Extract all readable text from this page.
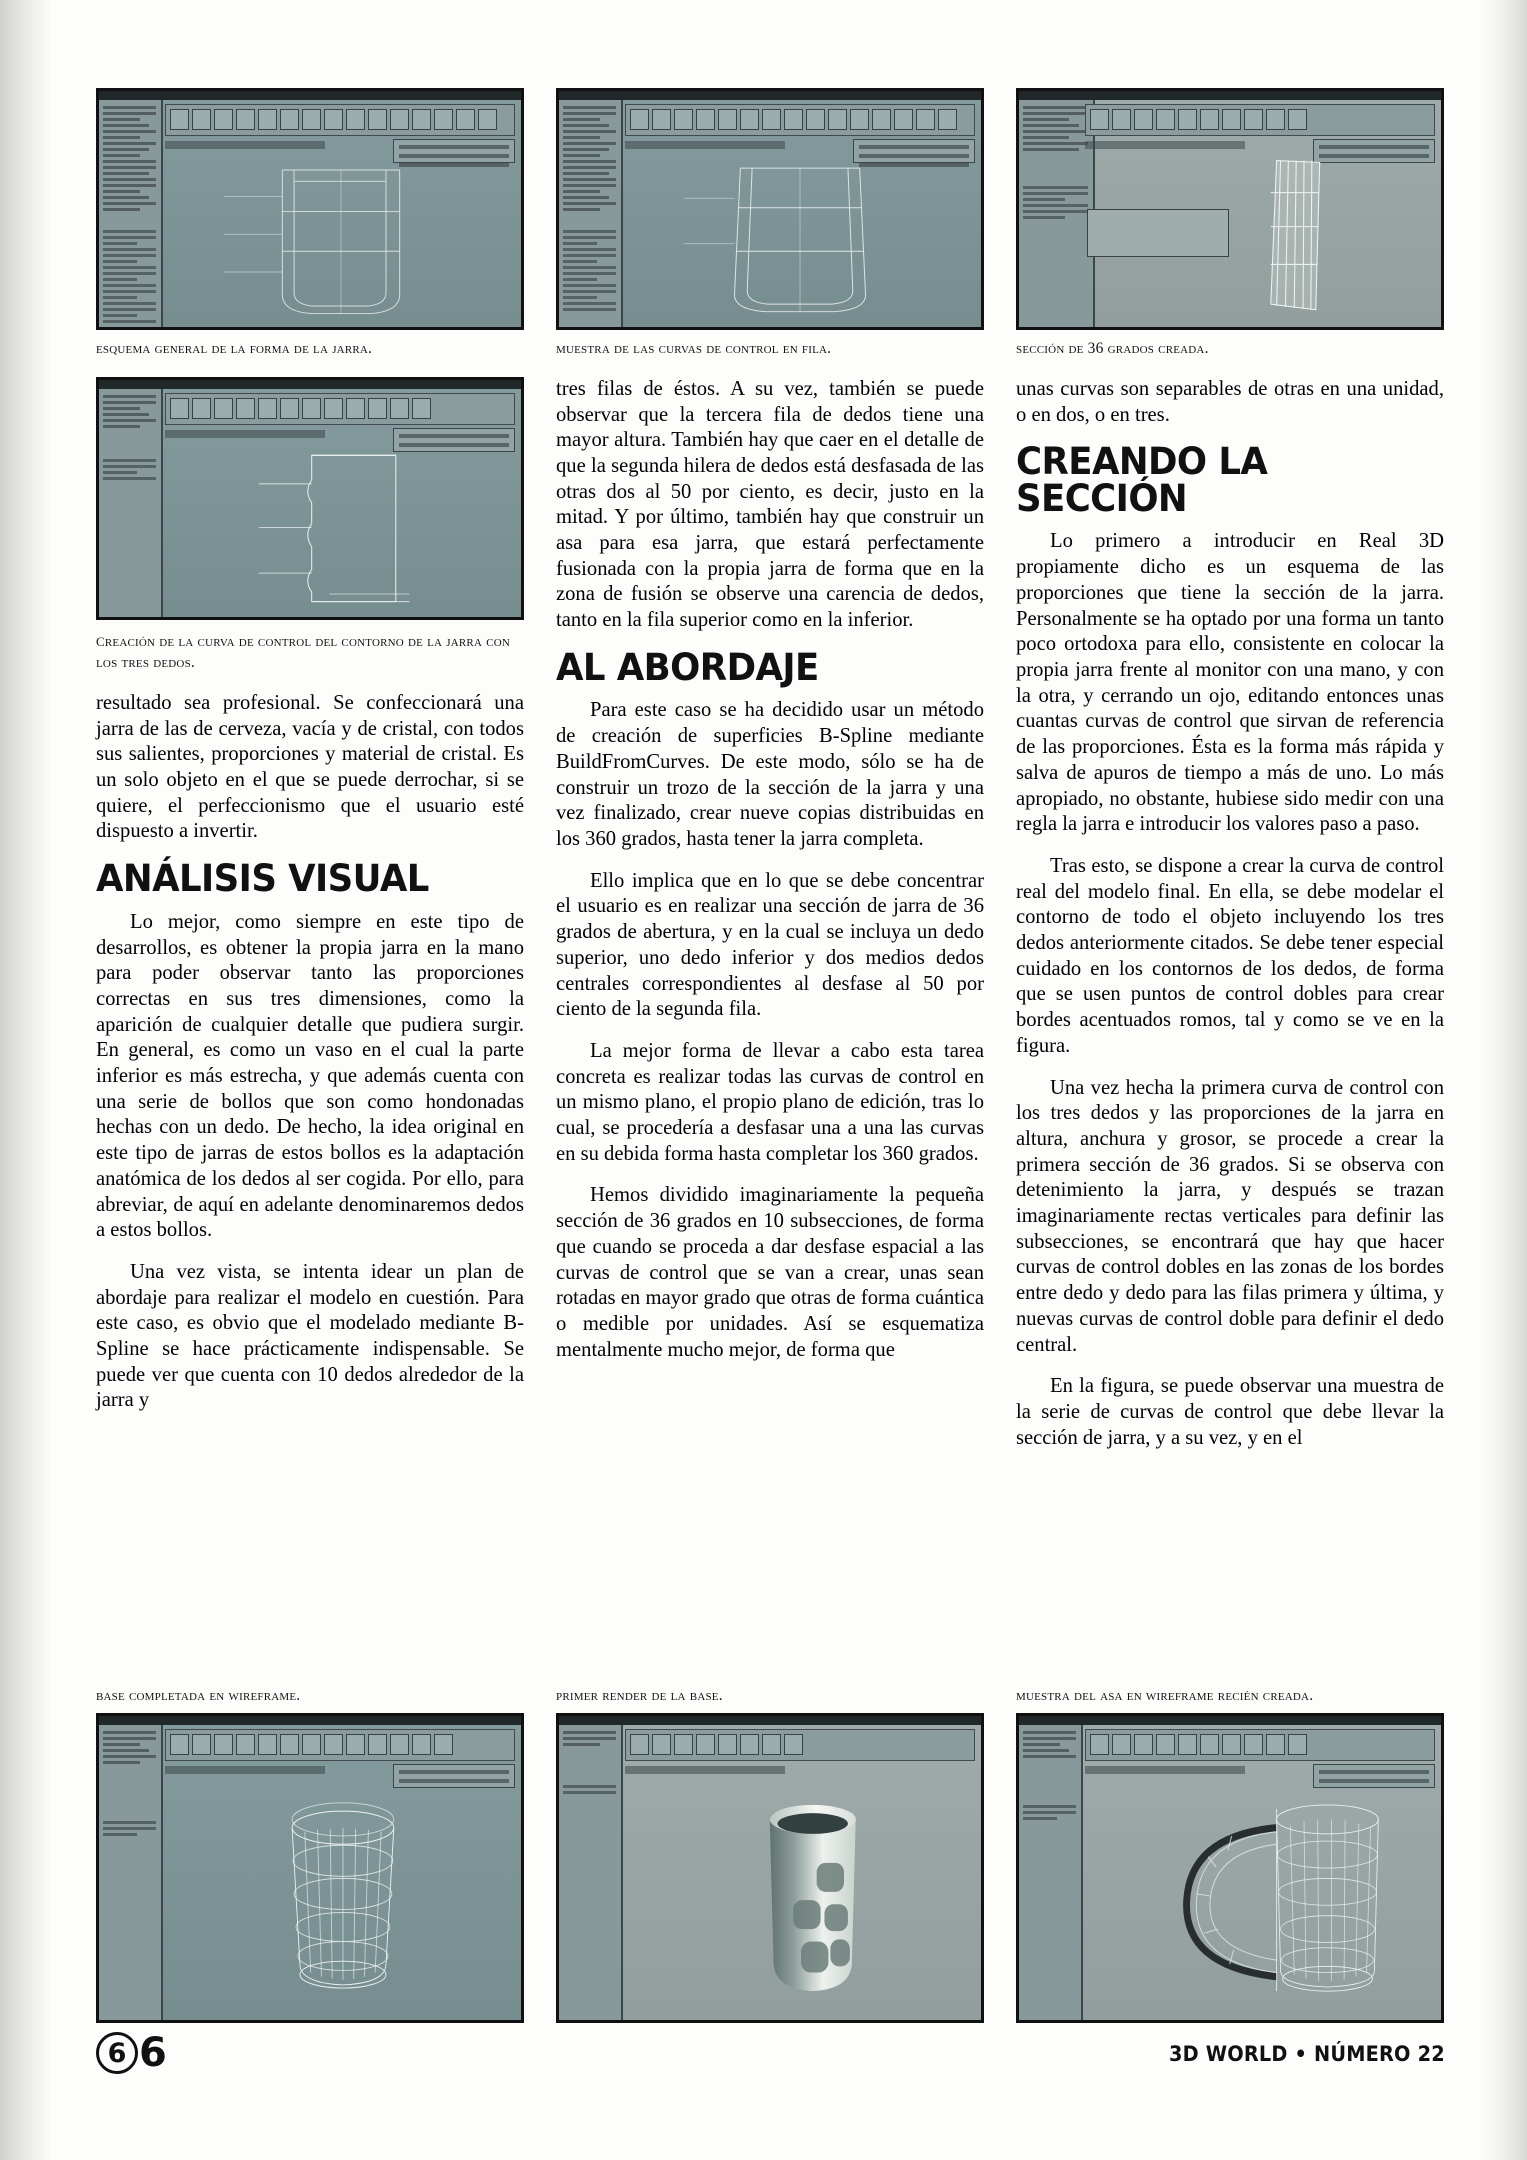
esquema general de la forma de la jarra.
creación de la curva de control del contorno de la jarra con los tres dedos.

resultado sea profesional. Se confeccionará una jarra de las de cerveza, vacía y de cristal, con todos sus salientes, proporciones y material de cristal. Es un solo objeto en el que se puede derrochar, si se quiere, el perfeccionismo que el usuario esté dispuesto a invertir.

ANÁLISIS VISUAL

Lo mejor, como siempre en este tipo de desarrollos, es obtener la propia jarra en la mano para poder observar tanto las proporciones correctas en sus tres dimensiones, como la aparición de cualquier detalle que pudiera surgir. En general, es como un vaso en el cual la parte inferior es más estrecha, y que además cuenta con una serie de bollos que son como hondonadas hechas con un dedo. De hecho, la idea original en este tipo de jarras de estos bollos es la adaptación anatómica de los dedos al ser cogida. Por ello, para abreviar, de aquí en adelante denominaremos dedos a estos bollos.

Una vez vista, se intenta idear un plan de abordaje para realizar el modelo en cuestión. Para este caso, es obvio que el modelado mediante B-Spline se hace prácticamente indispensable. Se puede ver que cuenta con 10 dedos alrededor de la jarra y

muestra de las curvas de control en fila.

tres filas de éstos. A su vez, también se puede observar que la tercera fila de dedos tiene una mayor altura. También hay que caer en el detalle de que la segunda hilera de dedos está desfasada de las otras dos al 50 por ciento, es decir, justo en la mitad. Y por último, también hay que construir un asa para esa jarra, que estará perfectamente fusionada con la propia jarra de forma que en la zona de fusión se observe una carencia de dedos, tanto en la fila superior como en la inferior.

AL ABORDAJE

Para este caso se ha decidido usar un método de creación de superficies B-Spline mediante BuildFromCurves. De este modo, sólo se ha de construir un trozo de la sección de la jarra y una vez finalizado, crear nueve copias distribuidas en los 360 grados, hasta tener la jarra completa.

Ello implica que en lo que se debe concentrar el usuario es en realizar una sección de jarra de 36 grados de abertura, y en la cual se incluya un dedo superior, uno dedo inferior y dos medios dedos centrales correspondientes al desfase al 50 por ciento de la segunda fila.

La mejor forma de llevar a cabo esta tarea concreta es realizar todas las curvas de control en un mismo plano, el propio plano de edición, tras lo cual, se procedería a desfasar una a una las curvas en su debida forma hasta completar los 360 grados.

Hemos dividido imaginariamente la pequeña sección de 36 grados en 10 subsecciones, de forma que cuando se proceda a dar desfase espacial a las curvas de control que se van a crear, unas sean rotadas en mayor grado que otras de forma cuántica o medible por unidades. Así se esquematiza mentalmente mucho mejor, de forma que

sección de 36 grados creada.

unas curvas son separables de otras en una unidad, o en dos, o en tres.

CREANDO LA
SECCIÓN

Lo primero a introducir en Real 3D propiamente dicho es un esquema de las proporciones que tiene la sección de la jarra. Personalmente se ha optado por una forma un tanto poco ortodoxa para ello, consistente en colocar la propia jarra frente al monitor con una mano, y con la otra, y cerrando un ojo, editando entonces unas cuantas curvas de control que sirvan de referencia de las proporciones. Ésta es la forma más rápida y salva de apuros de tiempo a más de uno. Lo más apropiado, no obstante, hubiese sido medir con una regla la jarra e introducir los valores paso a paso.

Tras esto, se dispone a crear la curva de control real del modelo final. En ella, se debe modelar el contorno de todo el objeto incluyendo los tres dedos anteriormente citados. Se debe tener especial cuidado en los contornos de los dedos, de forma que se usen puntos de control dobles para crear bordes acentuados romos, tal y como se ve en la figura.

Una vez hecha la primera curva de control con los tres dedos y las proporciones de la jarra en altura, anchura y grosor, se procede a crear la primera sección de 36 grados. Si se observa con detenimiento la jarra, y después se trazan imaginariamente rectas verticales para definir las subsecciones, se encontrará que hay que hacer curvas de control dobles en las zonas de los bordes entre dedo y dedo para las filas primera y última, y nuevas curvas de control doble para definir el dedo central.

En la figura, se puede observar una muestra de la serie de curvas de control que debe llevar la sección de jarra, y a su vez, y en el

base completada en wireframe.	primer render de la base.	muestra del asa en wireframe recién creada.
6 6	3D WORLD • NÚMERO 22
